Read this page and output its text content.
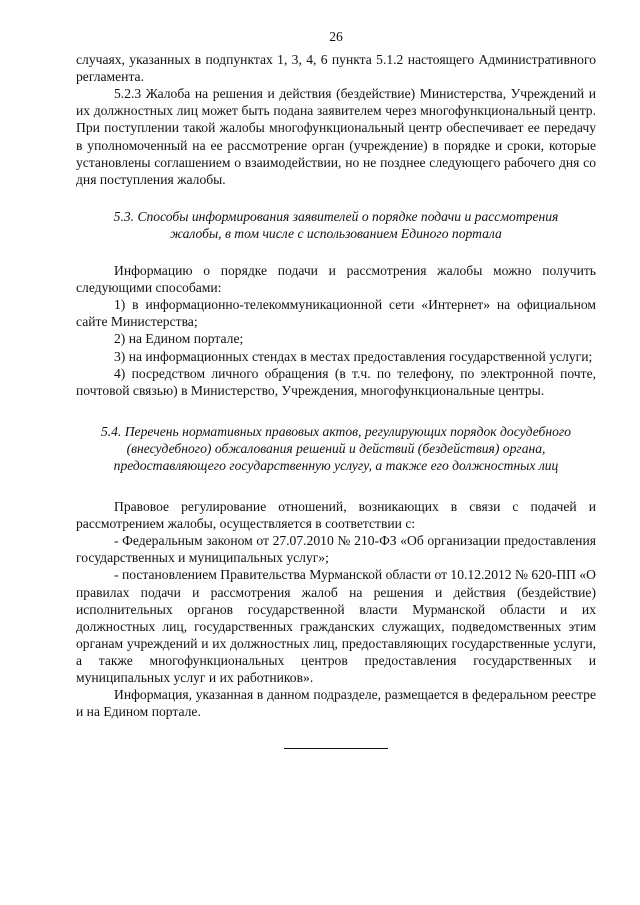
26

случаях, указанных в подпунктах 1, 3, 4, 6 пункта 5.1.2 настоящего Административного регламента.

5.2.3 Жалоба на решения и действия (бездействие) Министерства, Учреждений и их должностных лиц может быть подана заявителем через многофункциональный центр. При поступлении такой жалобы многофункциональный центр обеспечивает ее передачу в уполномоченный на ее рассмотрение орган (учреждение) в порядке и сроки, которые установлены соглашением о взаимодействии, но не позднее следующего рабочего дня со дня поступления жалобы.

5.3. Способы информирования заявителей о порядке подачи и рассмотрения жалобы, в том числе с использованием Единого портала

Информацию о порядке подачи и рассмотрения жалобы можно получить следующими способами:

1) в информационно-телекоммуникационной сети «Интернет» на официальном сайте Министерства;

2) на Едином портале;

3) на информационных стендах в местах предоставления государственной услуги;

4) посредством личного обращения (в т.ч. по телефону, по электронной почте, почтовой связью) в Министерство, Учреждения, многофункциональные центры.

5.4. Перечень нормативных правовых актов, регулирующих порядок досудебного (внесудебного) обжалования решений и действий (бездействия) органа, предоставляющего государственную услугу, а также его должностных лиц

Правовое регулирование отношений, возникающих в связи с подачей и рассмотрением жалобы, осуществляется в соответствии с:

- Федеральным законом от 27.07.2010 № 210-ФЗ «Об организации предоставления государственных и муниципальных услуг»;

- постановлением Правительства Мурманской области от 10.12.2012 № 620-ПП «О правилах подачи и рассмотрения жалоб на решения и действия (бездействие) исполнительных органов государственной власти Мурманской области и их должностных лиц, государственных гражданских служащих, подведомственных этим органам учреждений и их должностных лиц, предоставляющих государственные услуги, а также многофункциональных центров предоставления государственных и муниципальных услуг и их работников».

Информация, указанная в данном подразделе, размещается в федеральном реестре и на Едином портале.
